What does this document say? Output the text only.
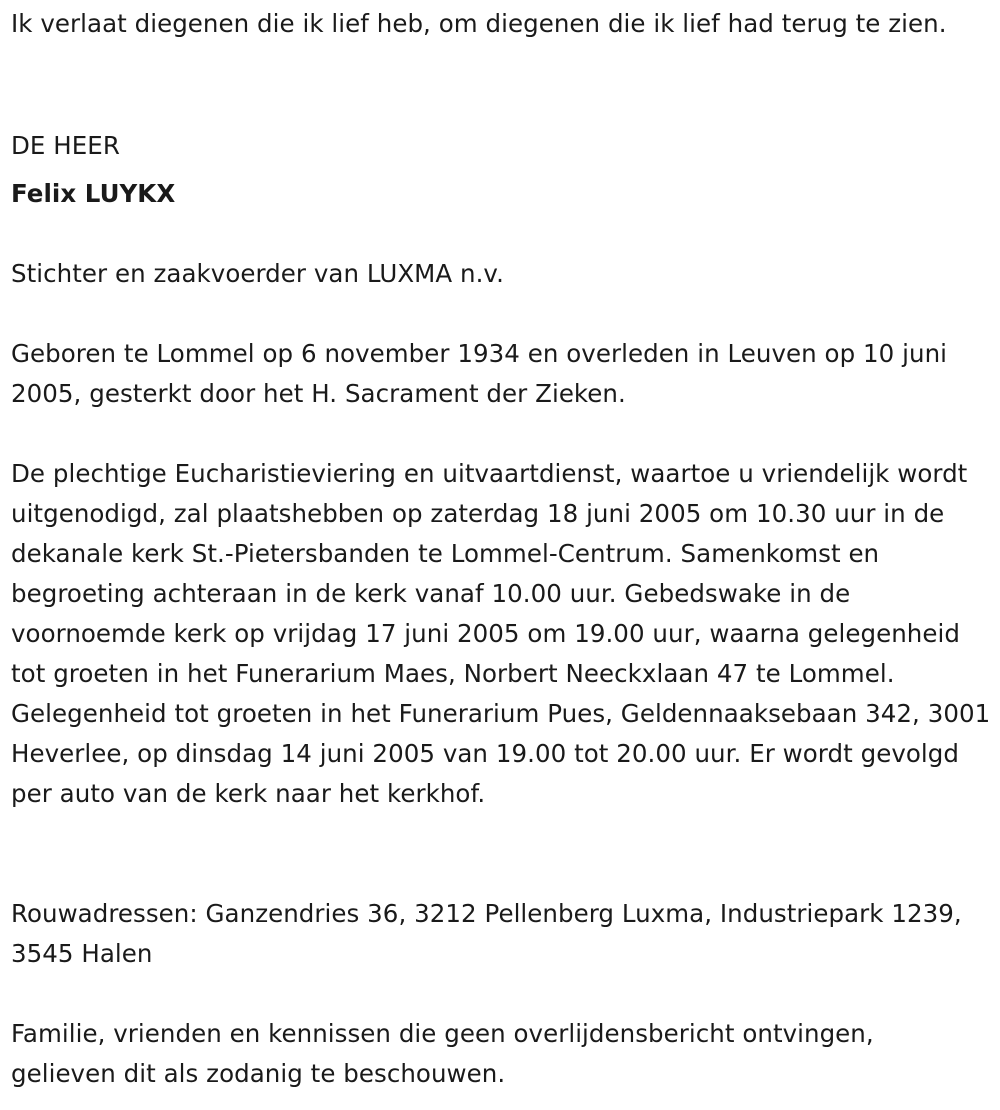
Ik verlaat diegenen die ik lief heb, om diegenen die ik lief had terug te zien.

DE HEER

Felix LUYKX

Stichter en zaakvoerder van LUXMA n.v.

Geboren te Lommel op 6 november 1934 en overleden in Leuven op 10 juni 2005, gesterkt door het H. Sacrament der Zieken.

De plechtige Eucharistieviering en uitvaartdienst, waartoe u vriendelijk wordt uitgenodigd, zal plaatshebben op zaterdag 18 juni 2005 om 10.30 uur in de dekanale kerk St.-Pietersbanden te Lommel-Centrum. Samenkomst en begroeting achteraan in de kerk vanaf 10.00 uur. Gebedswake in de voornoemde kerk op vrijdag 17 juni 2005 om 19.00 uur, waarna gelegenheid tot groeten in het Funerarium Maes, Norbert Neeckxlaan 47 te Lommel. Gelegenheid tot groeten in het Funerarium Pues, Geldennaaksebaan 342, 3001 Heverlee, op dinsdag 14 juni 2005 van 19.00 tot 20.00 uur. Er wordt gevolgd per auto van de kerk naar het kerkhof.

Rouwadressen: Ganzendries 36, 3212 Pellenberg Luxma, Industriepark 1239, 3545 Halen

Familie, vrienden en kennissen die geen overlijdensbericht ontvingen, gelieven dit als zodanig te beschouwen.
